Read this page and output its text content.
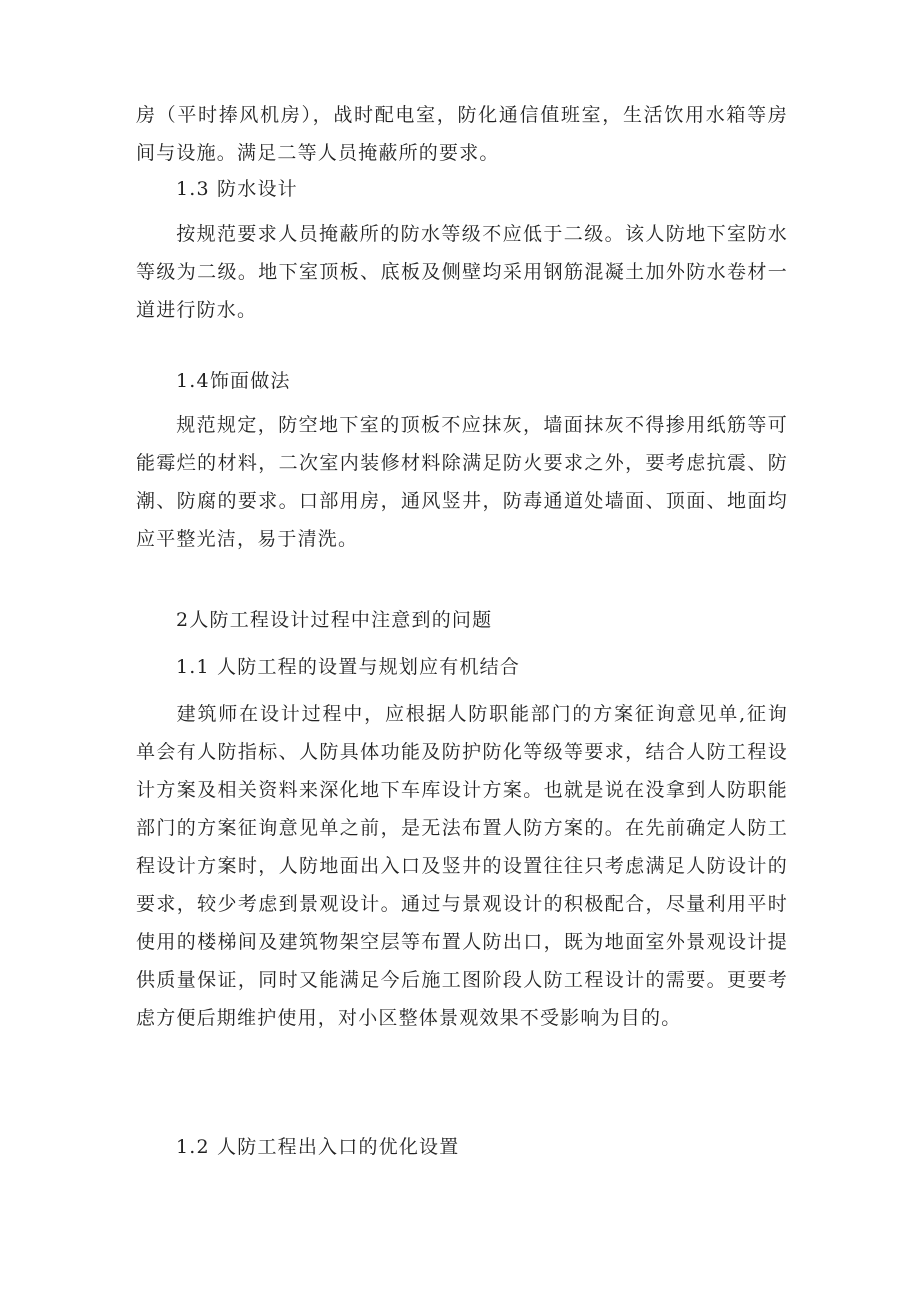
房（平时捧风机房），战时配电室，防化通信值班室，生活饮用水箱等房间与设施。满足二等人员掩蔽所的要求。

1.3 防水设计

按规范要求人员掩蔽所的防水等级不应低于二级。该人防地下室防水等级为二级。地下室顶板、底板及侧壁均采用钢筋混凝土加外防水卷材一道进行防水。

1.4饰面做法

规范规定，防空地下室的顶板不应抹灰，墙面抹灰不得掺用纸筋等可能霉烂的材料，二次室内装修材料除满足防火要求之外，要考虑抗震、防潮、防腐的要求。口部用房，通风竖井，防毒通道处墙面、顶面、地面均应平整光洁，易于清洗。

2人防工程设计过程中注意到的问题
1.1 人防工程的设置与规划应有机结合

建筑师在设计过程中，应根据人防职能部门的方案征询意见单,征询单会有人防指标、人防具体功能及防护防化等级等要求，结合人防工程设计方案及相关资料来深化地下车库设计方案。也就是说在没拿到人防职能部门的方案征询意见单之前，是无法布置人防方案的。在先前确定人防工程设计方案时，人防地面出入口及竖井的设置往往只考虑满足人防设计的要求，较少考虑到景观设计。通过与景观设计的积极配合，尽量利用平时使用的楼梯间及建筑物架空层等布置人防出口，既为地面室外景观设计提供质量保证，同时又能满足今后施工图阶段人防工程设计的需要。更要考虑方便后期维护使用，对小区整体景观效果不受影响为目的。

1.2 人防工程出入口的优化设置
